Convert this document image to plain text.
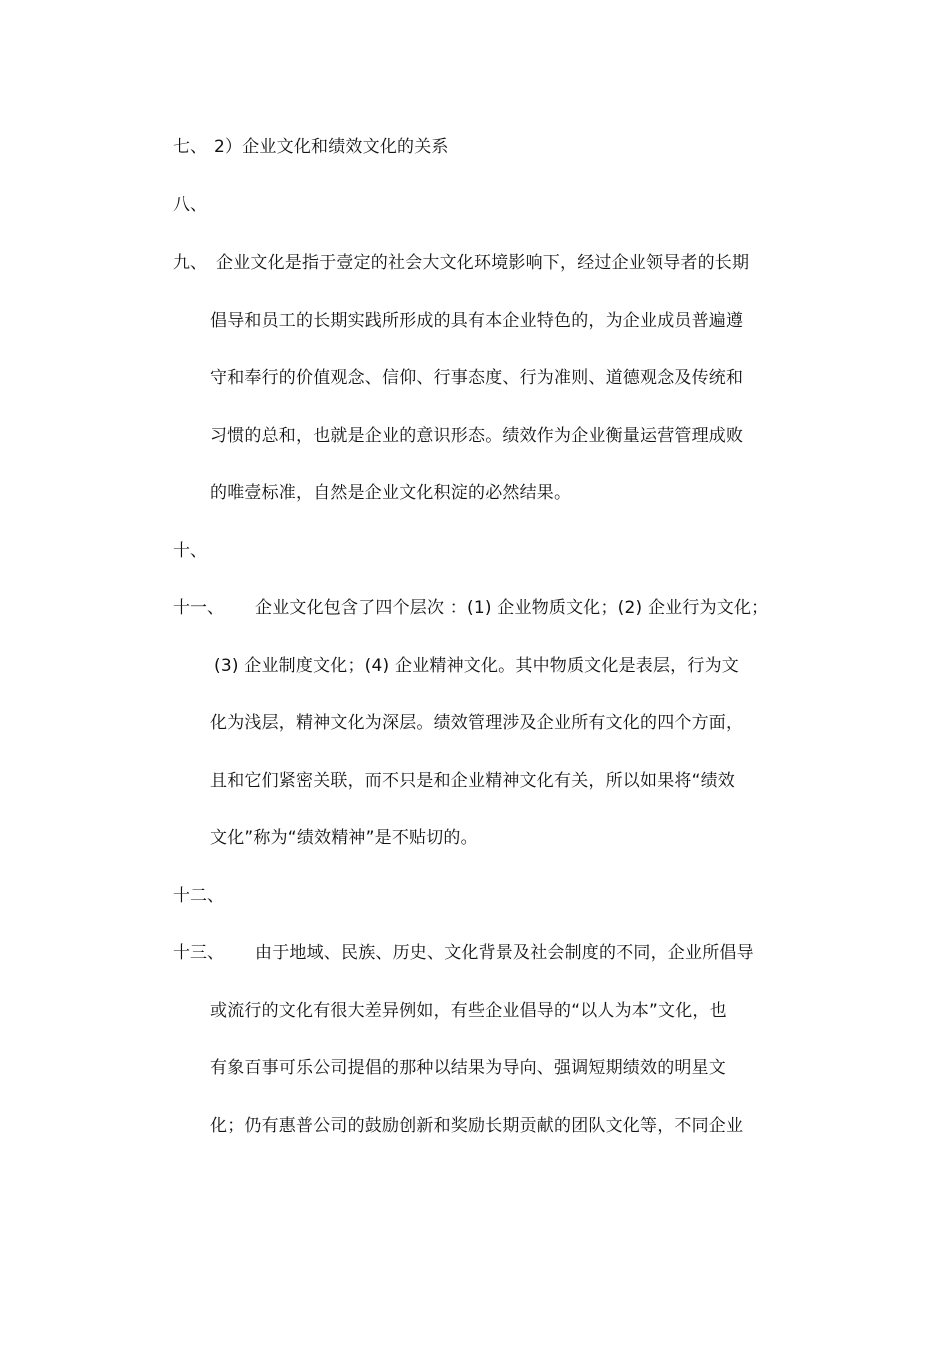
七、 2）企业文化和绩效文化的关系
八、
九、 企业文化是指于壹定的社会大文化环境影响下，经过企业领导者的长期
倡导和员工的长期实践所形成的具有本企业特色的，为企业成员普遍遵
守和奉行的价值观念、信仰、行事态度、行为准则、道德观念及传统和
习惯的总和，也就是企业的意识形态。绩效作为企业衡量运营管理成败
的唯壹标准，自然是企业文化积淀的必然结果。
十、
十一、 企业文化包含了四个层次 ：(1) 企业物质文化；(2) 企业行为文化；
(3) 企业制度文化；(4) 企业精神文化。其中物质文化是表层，行为文
化为浅层，精神文化为深层。绩效管理涉及企业所有文化的四个方面，
且和它们紧密关联，而不只是和企业精神文化有关，所以如果将“绩效
文化”称为“绩效精神”是不贴切的。
十二、
十三、 由于地域、民族、历史、文化背景及社会制度的不同，企业所倡导
或流行的文化有很大差异例如，有些企业倡导的“以人为本”文化，也
有象百事可乐公司提倡的那种以结果为导向、强调短期绩效的明星文
化；仍有惠普公司的鼓励创新和奖励长期贡献的团队文化等，不同企业
